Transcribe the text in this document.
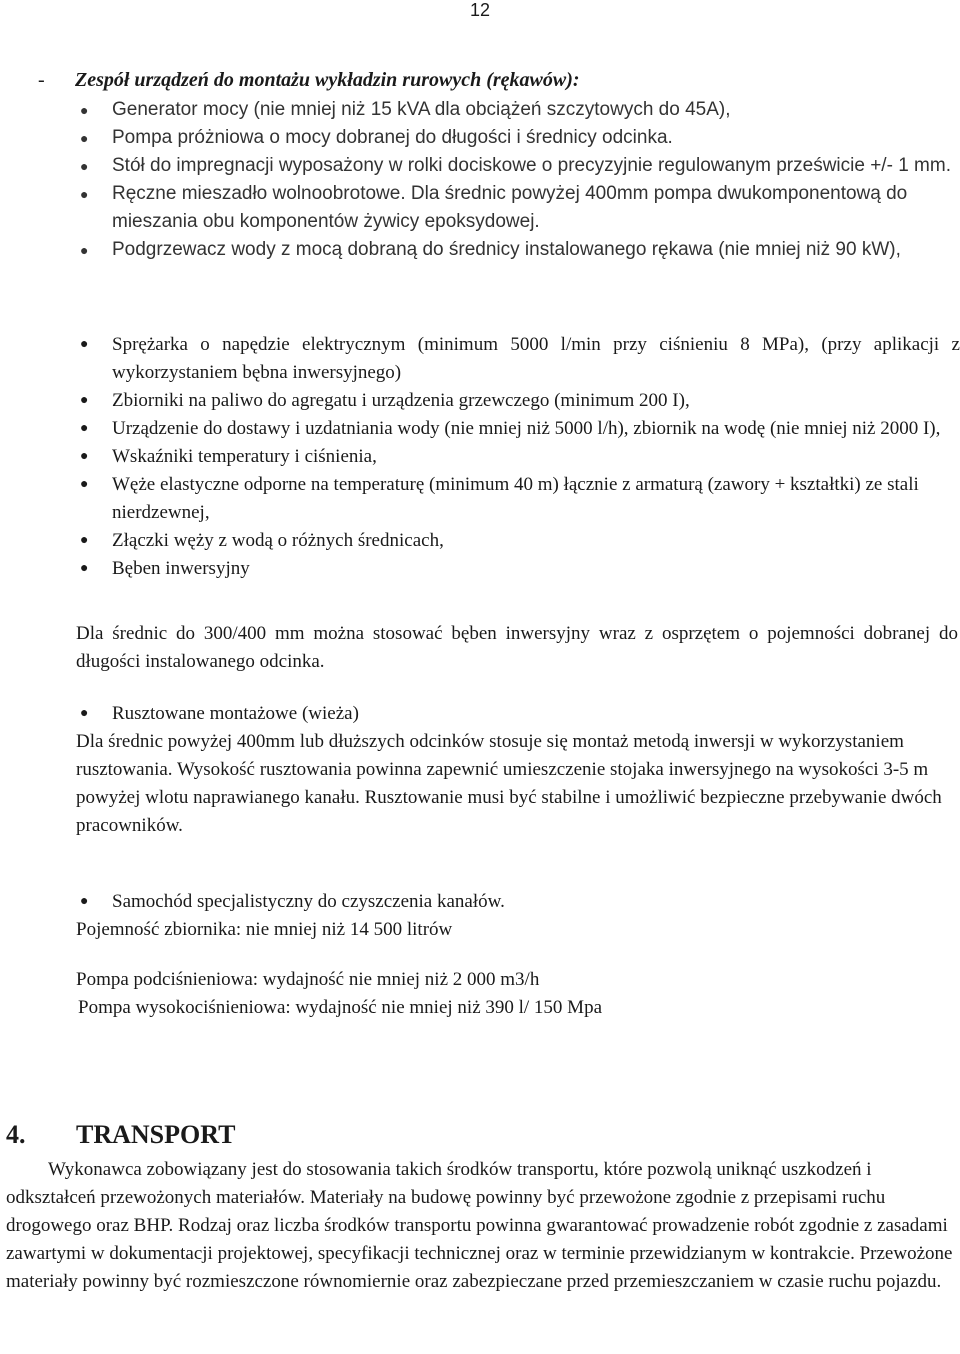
12
- Zespół urządzeń do montażu wykładzin rurowych (rękawów):
● Generator mocy (nie mniej niż 15 kVA dla obciążeń szczytowych do 45A),
● Pompa próżniowa o mocy dobranej do długości i średnicy odcinka.
● Stół do impregnacji wyposażony w rolki dociskowe o precyzyjnie regulowanym prześwicie +/- 1 mm.
● Ręczne mieszadło wolnoobrotowe. Dla średnic powyżej 400mm pompa dwukomponentową do mieszania obu komponentów żywicy epoksydowej.
● Podgrzewacz wody z mocą dobraną do średnicy instalowanego rękawa (nie mniej niż 90 kW),
● Sprężarka o napędzie elektrycznym (minimum 5000 l/min przy ciśnieniu 8 MPa), (przy aplikacji z wykorzystaniem bębna inwersyjnego)
● Zbiorniki na paliwo do agregatu i urządzenia grzewczego (minimum 200 I),
● Urządzenie do dostawy i uzdatniania wody (nie mniej niż 5000 l/h), zbiornik na wodę (nie mniej niż 2000 I),
● Wskaźniki temperatury i ciśnienia,
● Węże elastyczne odporne na temperaturę (minimum 40 m) łącznie z armaturą (zawory + kształtki) ze stali nierdzewnej,
● Złączki węży z wodą o różnych średnicach,
● Bęben inwersyjny
Dla średnic do 300/400 mm można stosować bęben inwersyjny wraz z osprzętem o pojemności dobranej do długości instalowanego odcinka.
● Rusztowane montażowe (wieża)
Dla średnic powyżej 400mm lub dłuższych odcinków stosuje się montaż metodą inwersji w wykorzystaniem rusztowania. Wysokość rusztowania powinna zapewnić umieszczenie stojaka inwersyjnego na wysokości 3-5 m powyżej wlotu naprawianego kanału. Rusztowanie musi być stabilne i umożliwić bezpieczne przebywanie dwóch pracowników.
● Samochód specjalistyczny do czyszczenia kanałów.
Pojemność zbiornika: nie mniej niż 14 500 litrów
Pompa podciśnieniowa: wydajność nie mniej niż 2 000 m3/h
Pompa wysokociśnieniowa: wydajność nie mniej niż 390 l/ 150 Mpa
4. TRANSPORT
Wykonawca zobowiązany jest do stosowania takich środków transportu, które pozwolą uniknąć uszkodzeń i odkształceń przewożonych materiałów. Materiały na budowę powinny być przewożone zgodnie z przepisami ruchu drogowego oraz BHP. Rodzaj oraz liczba środków transportu powinna gwarantować prowadzenie robót zgodnie z zasadami zawartymi w dokumentacji projektowej, specyfikacji technicznej oraz w terminie przewidzianym w kontrakcie. Przewożone materiały powinny być rozmieszczone równomiernie oraz zabezpieczane przed przemieszczaniem w czasie ruchu pojazdu.
